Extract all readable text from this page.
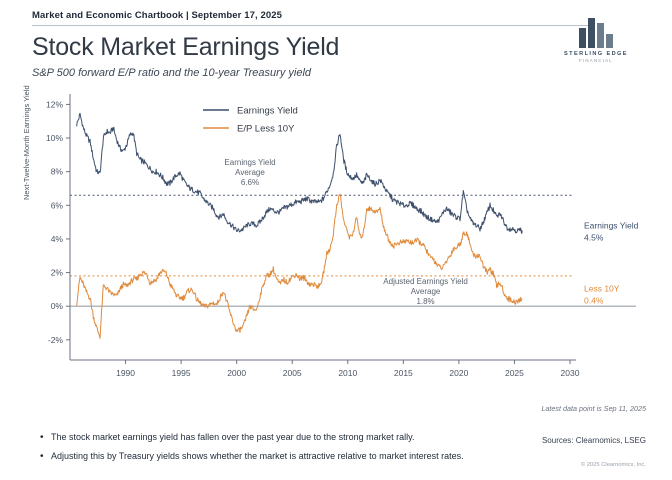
Market and Economic Chartbook | September 17, 2025
Stock Market Earnings Yield
S&P 500 forward E/P ratio and the 10-year Treasury yield
STERLING EDGE
FINANCIAL
Next-Twelve-Month Earnings Yield
-2%
0%
2%
4%
6%
8%
10%
12%
1990	1995	2000	2005	2010	2015	2020	2025	2030
Earnings Yield
Average
6.6%
Adjusted Earnings Yield
Average
1.8%
Earnings Yield
4.5%
Less 10Y
0.4%
Earnings Yield
E/P Less 10Y
Latest data point is Sep 11, 2025
• The stock market earnings yield has fallen over the past year due to the strong market rally.
• Adjusting this by Treasury yields shows whether the market is attractive relative to market interest rates.
Sources: Clearnomics, LSEG
© 2025 Clearnomics, Inc.
